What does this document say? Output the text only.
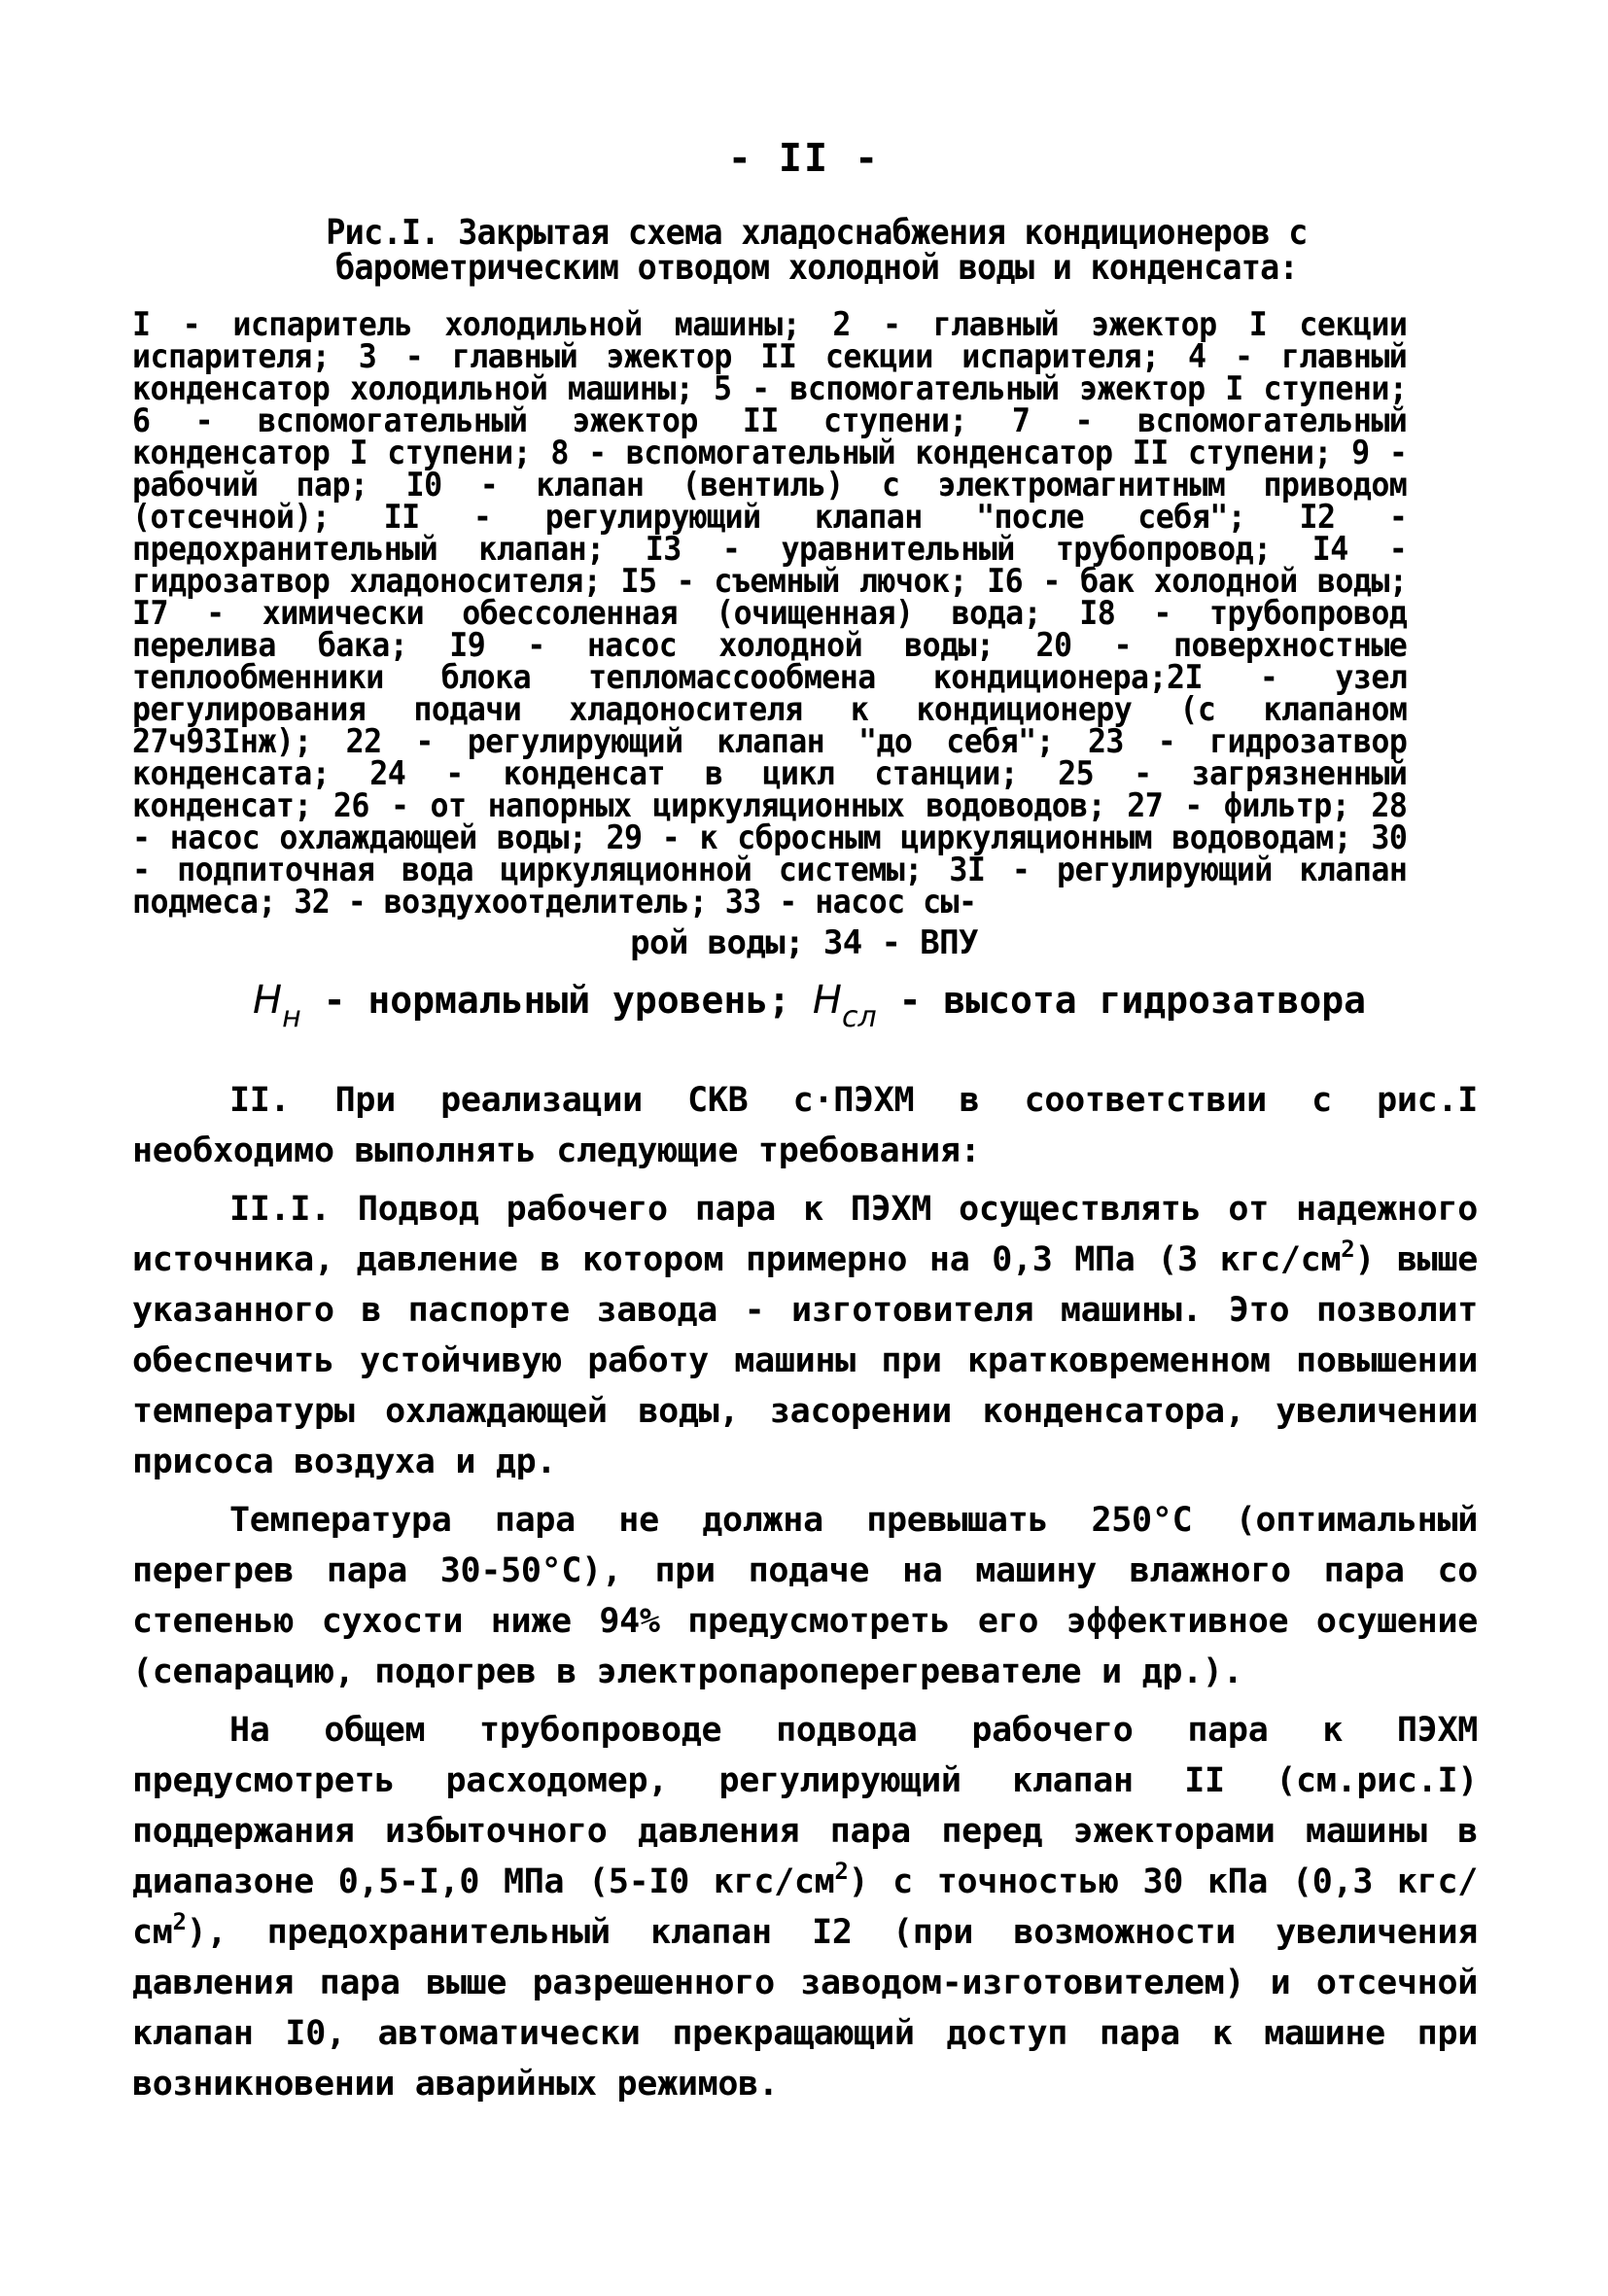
- II -
Рис.I. Закрытая схема хладоснабжения кондиционеров с барометрическим отводом холодной воды и конденсата:
I - испаритель холодильной машины; 2 - главный эжектор I секции испарителя; 3 - главный эжектор II секции испарителя; 4 - главный конденсатор холодильной машины; 5 - вспомогательный эжектор I ступени; 6 - вспомогательный эжектор II ступени; 7 - вспомогательный конденсатор I ступени; 8 - вспомогательный конденсатор II ступени; 9 - рабочий пар; I0 - клапан (вентиль) с электромагнитным приводом (отсечной); II - регулирующий клапан "после себя"; I2 - предохранительный клапан; I3 - уравнительный трубопровод; I4 - гидрозатвор хладоносителя; I5 - съемный лючок; I6 - бак холодной воды; I7 - химически обессоленная (очищенная) вода; I8 - трубопровод перелива бака; I9 - насос холодной воды; 20 - поверхностные теплообменники блока тепломассообмена кондиционера;2I - узел регулирования подачи хладоносителя к кондиционеру (с клапаном 27ч93Iнж); 22 - регулирующий клапан "до себя"; 23 - гидрозатвор конденсата; 24 - конденсат в цикл станции; 25 - загрязненный конденсат; 26 - от напорных циркуляционных водоводов; 27 - фильтр; 28 - насос охлаждающей воды; 29 - к сбросным циркуляционным водоводам; 30 - подпиточная вода циркуляционной системы; 3I - регулирующий клапан подмеса; 32 - воздухоотделитель; 33 - насос сы-
рой воды; 34 - ВПУ
$H_н$ - нормальный уровень; $H_{сл}$ - высота гидрозатвора

II. При реализации СКВ с·ПЭХМ в соответствии с рис.I необходимо выполнять следующие требования:

II.I. Подвод рабочего пара к ПЭХМ осуществлять от надежного источника, давление в котором примерно на 0,3 МПа (3 кгс/$см^2$) выше указанного в паспорте завода - изготовителя машины. Это позволит обеспечить устойчивую работу машины при кратковременном повышении температуры охлаждающей воды, засорении конденсатора, увеличении присоса воздуха и др.

Температура пара не должна превышать 250°С (оптимальный перегрев пара 30-50°С), при подаче на машину влажного пара со степенью сухости ниже 94% предусмотреть его эффективное осушение (сепарацию, подогрев в электропароперегревателе и др.).

На общем трубопроводе подвода рабочего пара к ПЭХМ предусмотреть расходомер, регулирующий клапан II (см.рис.I) поддержания избыточного давления пара перед эжекторами машины в диапазоне 0,5-I,0 МПа (5-I0 кгс/$см^2$) с точностью 30 кПа (0,3 кгс/$см^2$), предохранительный клапан I2 (при возможности увеличения давления пара выше разрешенного заводом-изготовителем) и отсечной клапан I0, автоматически прекращающий доступ пара к машине при возникновении аварийных режимов.
